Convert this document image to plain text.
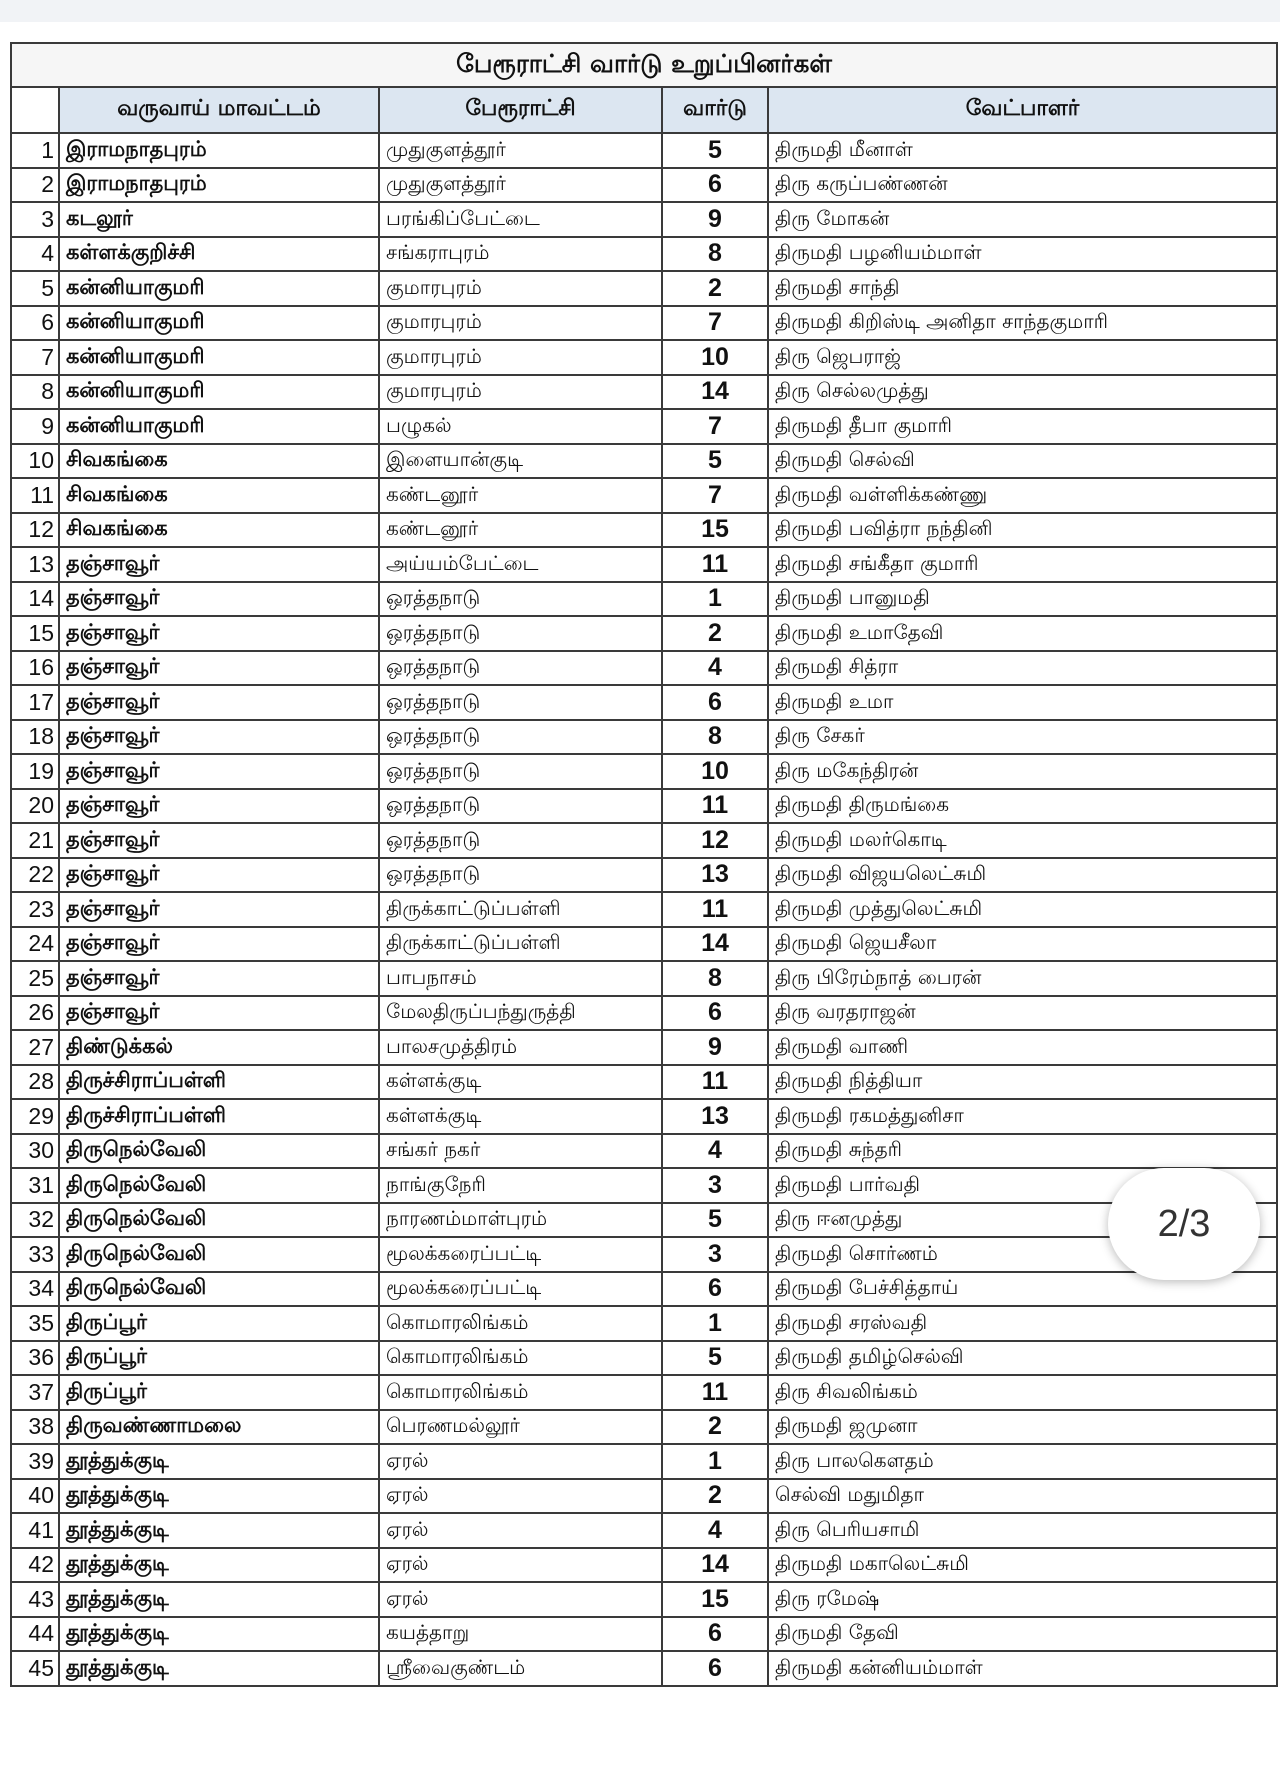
பேரூராட்சி வார்டு உறுப்பினர்கள்				
	வருவாய் மாவட்டம்	பேரூராட்சி	வார்டு	வேட்பாளர்
1	இராமநாதபுரம்	முதுகுளத்தூர்	5	திருமதி மீனாள்
2	இராமநாதபுரம்	முதுகுளத்தூர்	6	திரு கருப்பண்ணன்
3	கடலூர்	பரங்கிப்பேட்டை	9	திரு மோகன்
4	கள்ளக்குறிச்சி	சங்கராபுரம்	8	திருமதி பழனியம்மாள்
5	கன்னியாகுமரி	குமாரபுரம்	2	திருமதி சாந்தி
6	கன்னியாகுமரி	குமாரபுரம்	7	திருமதி கிறிஸ்டி அனிதா சாந்தகுமாரி
7	கன்னியாகுமரி	குமாரபுரம்	10	திரு ஜெபராஜ்
8	கன்னியாகுமரி	குமாரபுரம்	14	திரு செல்லமுத்து
9	கன்னியாகுமரி	பழுகல்	7	திருமதி தீபா குமாரி
10	சிவகங்கை	இளையான்குடி	5	திருமதி செல்வி
11	சிவகங்கை	கண்டனூர்	7	திருமதி வள்ளிக்கண்ணு
12	சிவகங்கை	கண்டனூர்	15	திருமதி பவித்ரா நந்தினி
13	தஞ்சாவூர்	அய்யம்பேட்டை	11	திருமதி சங்கீதா குமாரி
14	தஞ்சாவூர்	ஒரத்தநாடு	1	திருமதி பானுமதி
15	தஞ்சாவூர்	ஒரத்தநாடு	2	திருமதி உமாதேவி
16	தஞ்சாவூர்	ஒரத்தநாடு	4	திருமதி சித்ரா
17	தஞ்சாவூர்	ஒரத்தநாடு	6	திருமதி உமா
18	தஞ்சாவூர்	ஒரத்தநாடு	8	திரு சேகர்
19	தஞ்சாவூர்	ஒரத்தநாடு	10	திரு மகேந்திரன்
20	தஞ்சாவூர்	ஒரத்தநாடு	11	திருமதி திருமங்கை
21	தஞ்சாவூர்	ஒரத்தநாடு	12	திருமதி மலர்கொடி
22	தஞ்சாவூர்	ஒரத்தநாடு	13	திருமதி விஜயலெட்சுமி
23	தஞ்சாவூர்	திருக்காட்டுப்பள்ளி	11	திருமதி முத்துலெட்சுமி
24	தஞ்சாவூர்	திருக்காட்டுப்பள்ளி	14	திருமதி ஜெயசீலா
25	தஞ்சாவூர்	பாபநாசம்	8	திரு பிரேம்நாத் பைரன்
26	தஞ்சாவூர்	மேலதிருப்பந்துருத்தி	6	திரு வரதராஜன்
27	திண்டுக்கல்	பாலசமுத்திரம்	9	திருமதி வாணி
28	திருச்சிராப்பள்ளி	கள்ளக்குடி	11	திருமதி நித்தியா
29	திருச்சிராப்பள்ளி	கள்ளக்குடி	13	திருமதி ரகமத்துனிசா
30	திருநெல்வேலி	சங்கர் நகர்	4	திருமதி சுந்தரி
31	திருநெல்வேலி	நாங்குநேரி	3	திருமதி பார்வதி
32	திருநெல்வேலி	நாரணம்மாள்புரம்	5	திரு ஈனமுத்து
33	திருநெல்வேலி	மூலக்கரைப்பட்டி	3	திருமதி சொர்ணம்
34	திருநெல்வேலி	மூலக்கரைப்பட்டி	6	திருமதி பேச்சித்தாய்
35	திருப்பூர்	கொமாரலிங்கம்	1	திருமதி சரஸ்வதி
36	திருப்பூர்	கொமாரலிங்கம்	5	திருமதி தமிழ்செல்வி
37	திருப்பூர்	கொமாரலிங்கம்	11	திரு சிவலிங்கம்
38	திருவண்ணாமலை	பெரணமல்லூர்	2	திருமதி ஜமுனா
39	தூத்துக்குடி	ஏரல்	1	திரு பாலகௌதம்
40	தூத்துக்குடி	ஏரல்	2	செல்வி மதுமிதா
41	தூத்துக்குடி	ஏரல்	4	திரு பெரியசாமி
42	தூத்துக்குடி	ஏரல்	14	திருமதி மகாலெட்சுமி
43	தூத்துக்குடி	ஏரல்	15	திரு ரமேஷ்
44	தூத்துக்குடி	கயத்தாறு	6	திருமதி தேவி
45	தூத்துக்குடி	ஸ்ரீவைகுண்டம்	6	திருமதி கன்னியம்மாள்
2/3
